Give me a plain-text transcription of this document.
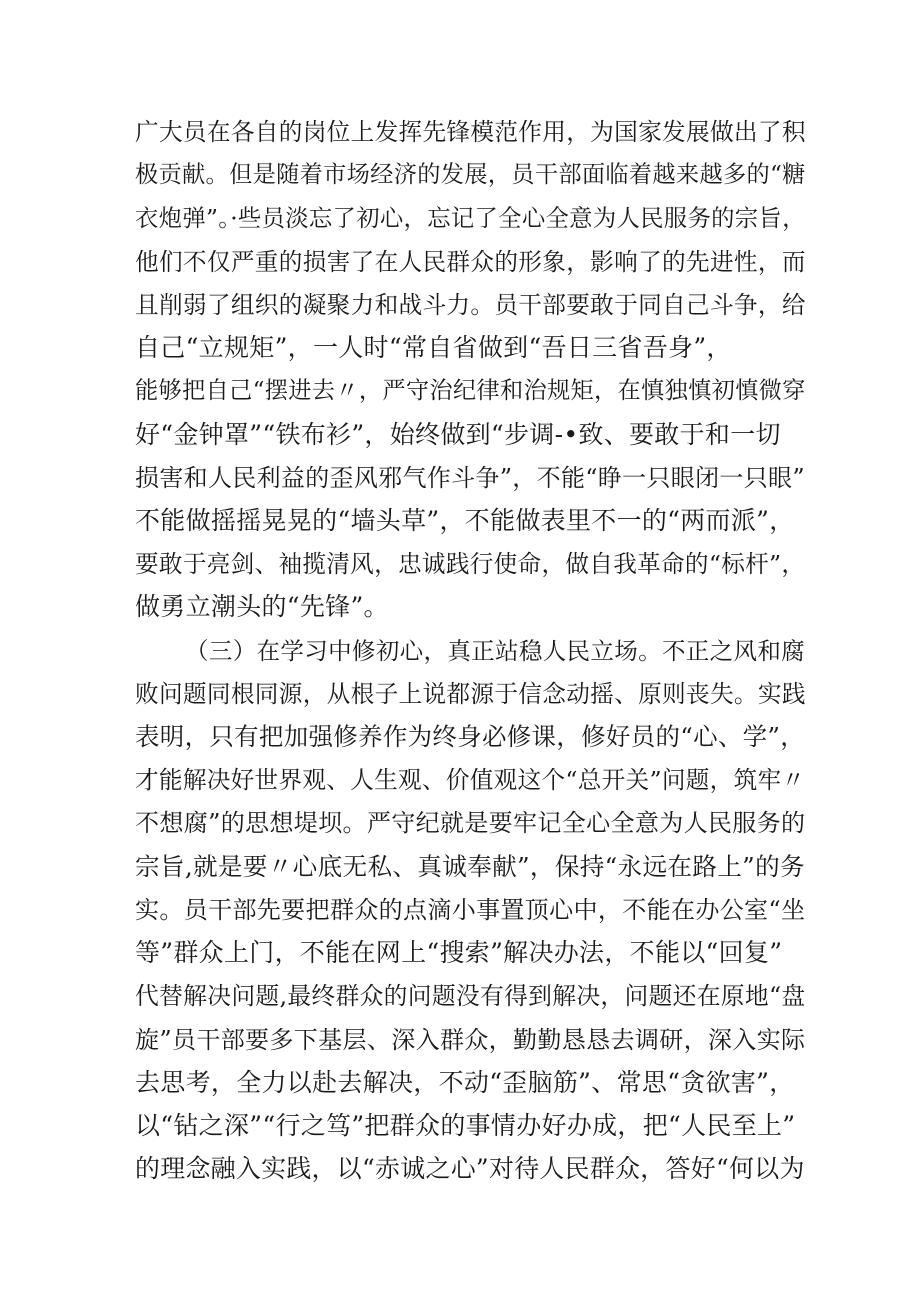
广大员在各自的岗位上发挥先锋模范作用，为国家发展做出了积
极贡献。但是随着市场经济的发展，员干部面临着越来越多的“糖
衣炮弹”。·些员淡忘了初心，忘记了全心全意为人民服务的宗旨，
他们不仅严重的损害了在人民群众的形象，影响了的先进性，而
且削弱了组织的凝聚力和战斗力。员干部要敢于同自己斗争，给
自己“立规矩”，一人时“常自省做到“吾日三省吾身”，
能够把自己“摆进去〃，严守治纪律和治规矩，在慎独慎初慎微穿
好“金钟罩”“铁布衫”，始终做到“步调-•致、要敢于和一切
损害和人民利益的歪风邪气作斗争”，不能“睁一只眼闭一只眼”
不能做摇摇晃晃的“墙头草”，不能做表里不一的“两而派”，
要敢于亮剑、袖揽清风，忠诚践行使命，做自我革命的“标杆”，
做勇立潮头的“先锋”。
（三）在学习中修初心，真正站稳人民立场。不正之风和腐
败问题同根同源，从根子上说都源于信念动摇、原则丧失。实践
表明，只有把加强修养作为终身必修课，修好员的“心、学”，
才能解决好世界观、人生观、价值观这个“总开关”问题，筑牢〃
不想腐”的思想堤坝。严守纪就是要牢记全心全意为人民服务的
宗旨,就是要〃心底无私、真诚奉献”，保持“永远在路上”的务
实。员干部先要把群众的点滴小事置顶心中，不能在办公室“坐
等”群众上门，不能在网上“搜索”解决办法，不能以“回复”
代替解决问题,最终群众的问题没有得到解决，问题还在原地“盘
旋”员干部要多下基层、深入群众，勤勤恳恳去调研，深入实际
去思考，全力以赴去解决，不动“歪脑筋”、常思“贪欲害”，
以“钻之深”“行之笃”把群众的事情办好办成，把“人民至上”
的理念融入实践，以“赤诚之心”对待人民群众，答好“何以为
